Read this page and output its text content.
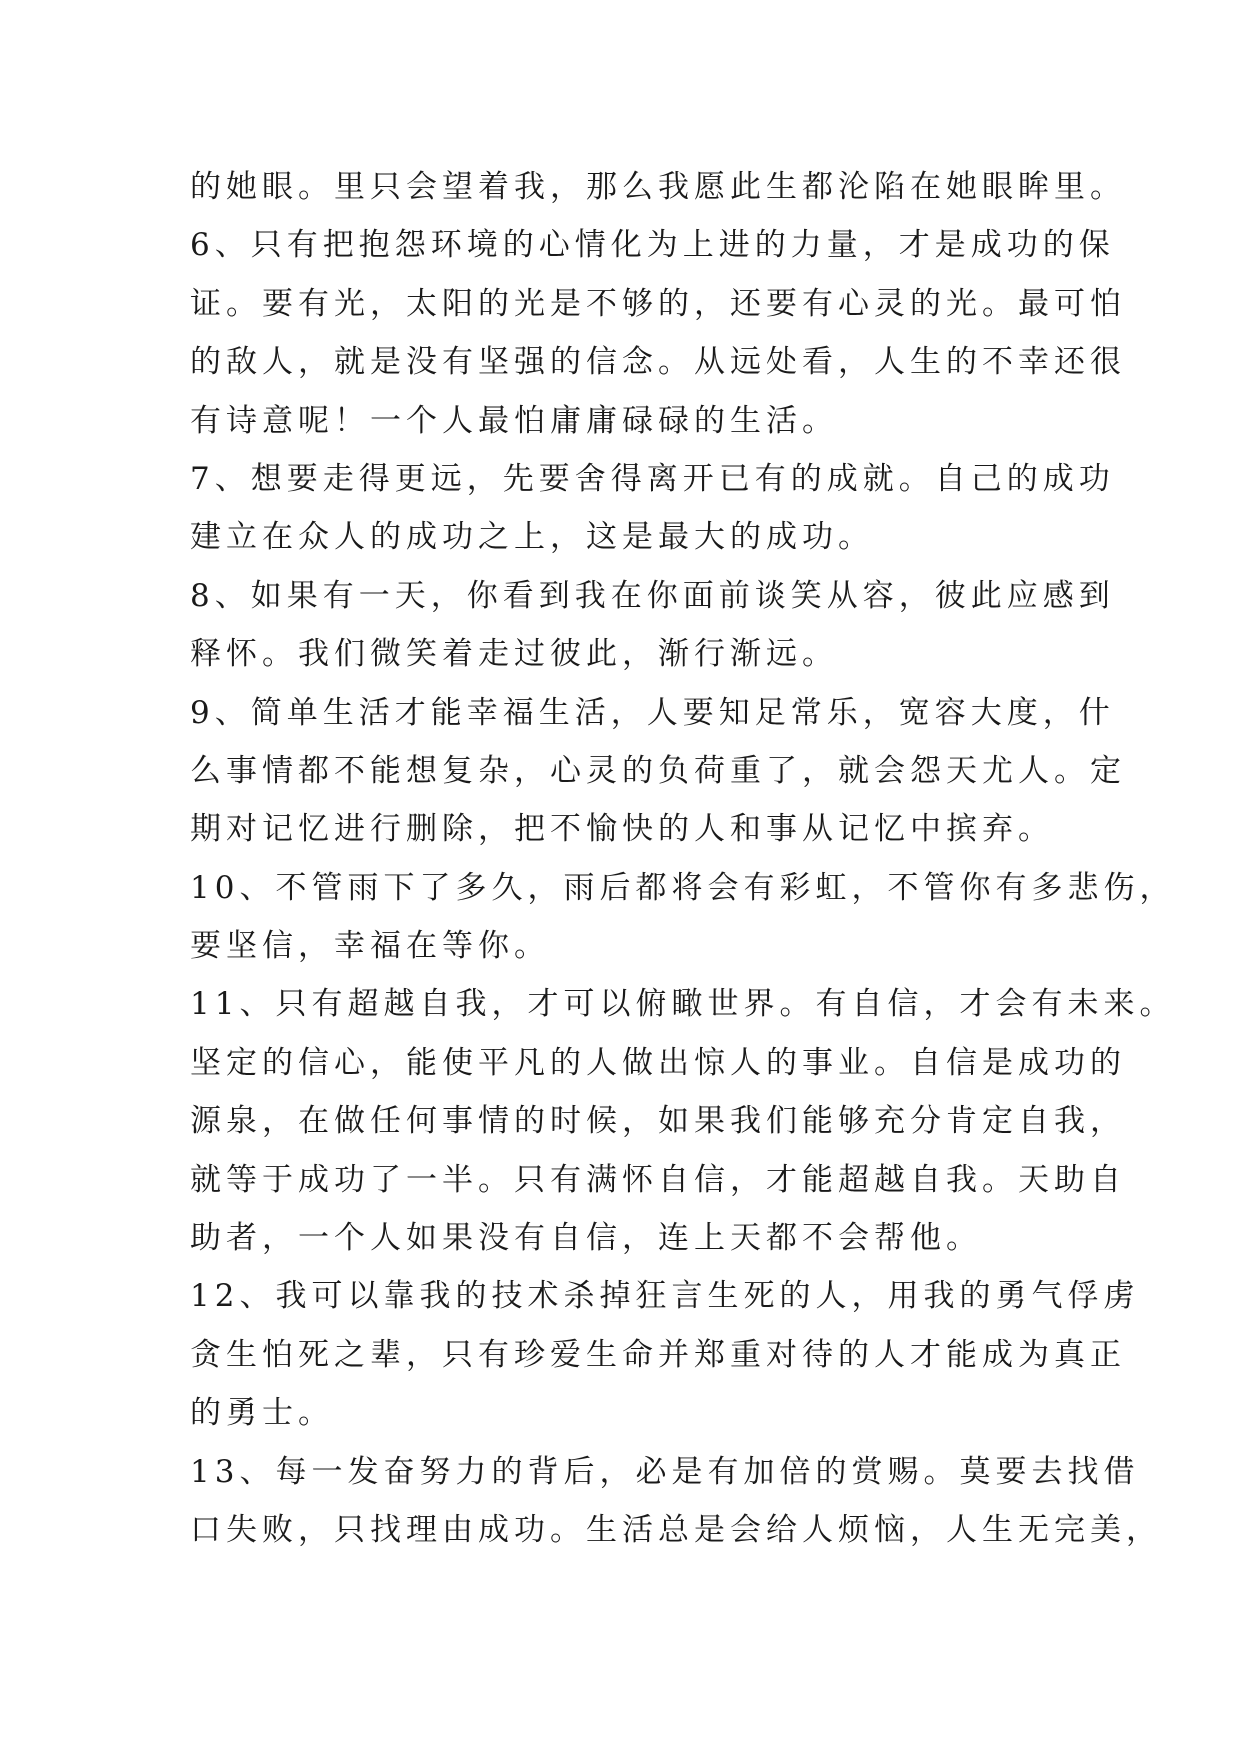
的她眼。里只会望着我，那么我愿此生都沦陷在她眼眸里。
6、只有把抱怨环境的心情化为上进的力量，才是成功的保
证。要有光，太阳的光是不够的，还要有心灵的光。最可怕
的敌人，就是没有坚强的信念。从远处看，人生的不幸还很
有诗意呢！一个人最怕庸庸碌碌的生活。
7、想要走得更远，先要舍得离开已有的成就。自己的成功
建立在众人的成功之上，这是最大的成功。
8、如果有一天，你看到我在你面前谈笑从容，彼此应感到
释怀。我们微笑着走过彼此，渐行渐远。
9、简单生活才能幸福生活，人要知足常乐，宽容大度，什
么事情都不能想复杂，心灵的负荷重了，就会怨天尤人。定
期对记忆进行删除，把不愉快的人和事从记忆中摈弃。
10、不管雨下了多久，雨后都将会有彩虹，不管你有多悲伤，
要坚信，幸福在等你。
11、只有超越自我，才可以俯瞰世界。有自信，才会有未来。
坚定的信心，能使平凡的人做出惊人的事业。自信是成功的
源泉，在做任何事情的时候，如果我们能够充分肯定自我，
就等于成功了一半。只有满怀自信，才能超越自我。天助自
助者，一个人如果没有自信，连上天都不会帮他。
12、我可以靠我的技术杀掉狂言生死的人，用我的勇气俘虏
贪生怕死之辈，只有珍爱生命并郑重对待的人才能成为真正
的勇士。
13、每一发奋努力的背后，必是有加倍的赏赐。莫要去找借
口失败，只找理由成功。生活总是会给人烦恼，人生无完美，
